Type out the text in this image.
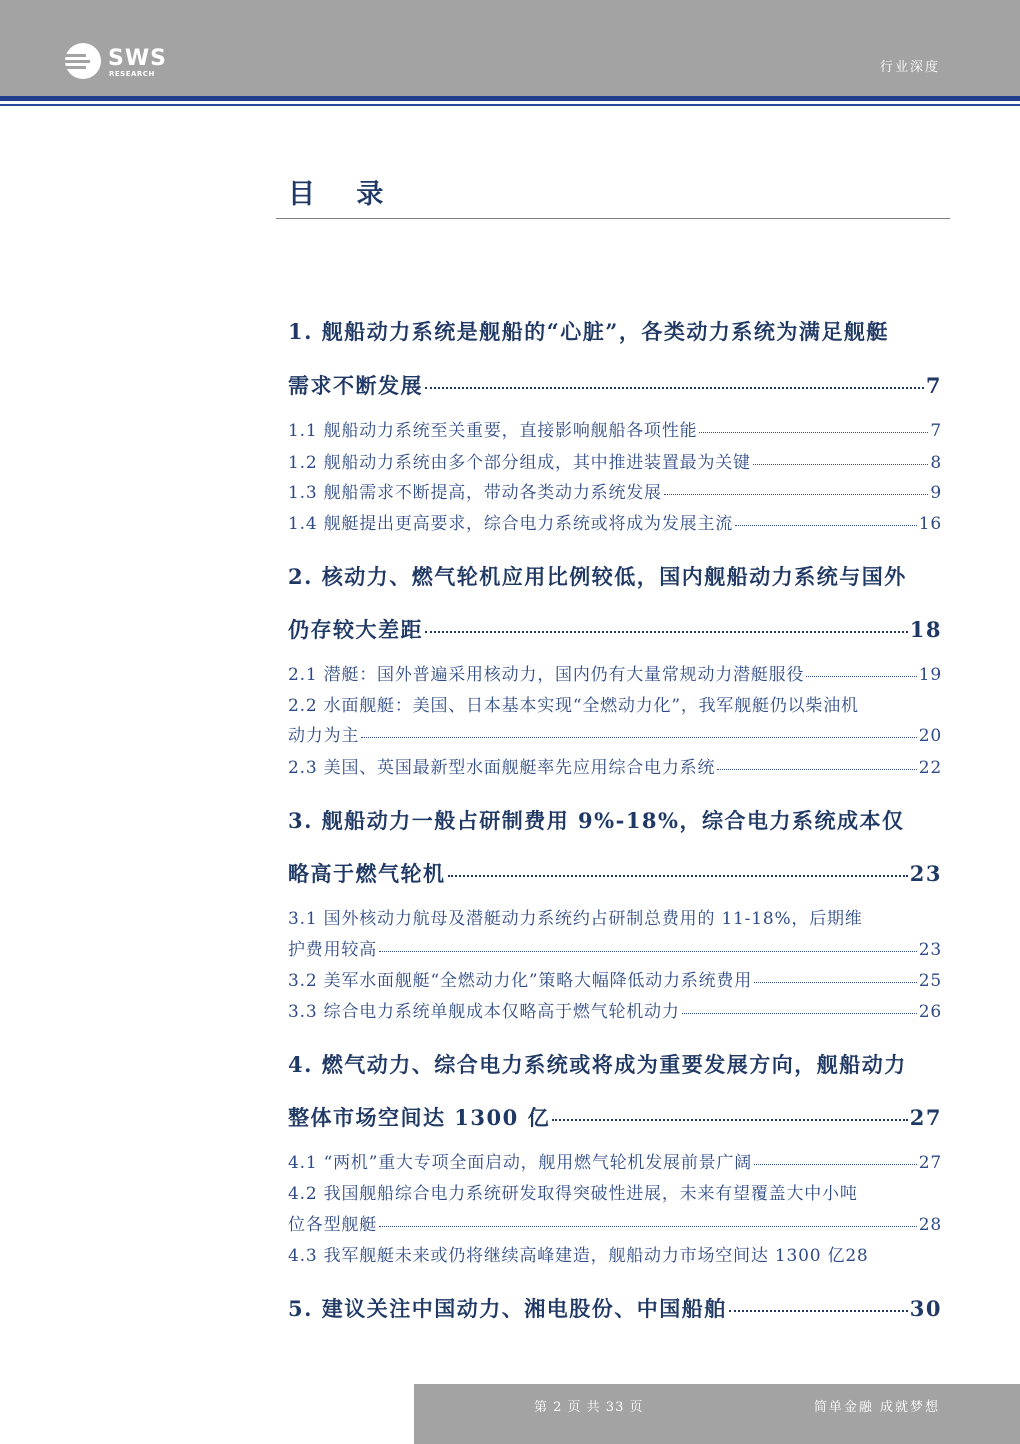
SWS
RESEARCH	行业深度
目 录
1. 舰船动力系统是舰船的“心脏”，各类动力系统为满足舰艇
需求不断发展	7
1.1 舰船动力系统至关重要，直接影响舰船各项性能	7
1.2 舰船动力系统由多个部分组成，其中推进装置最为关键	8
1.3 舰船需求不断提高，带动各类动力系统发展	9
1.4 舰艇提出更高要求，综合电力系统或将成为发展主流	16
2. 核动力、燃气轮机应用比例较低，国内舰船动力系统与国外
仍存较大差距	18
2.1 潜艇：国外普遍采用核动力，国内仍有大量常规动力潜艇服役	19
2.2 水面舰艇：美国、日本基本实现“全燃动力化”，我军舰艇仍以柴油机
动力为主	20
2.3 美国、英国最新型水面舰艇率先应用综合电力系统	22
3. 舰船动力一般占研制费用 9%-18%，综合电力系统成本仅
略高于燃气轮机	23
3.1 国外核动力航母及潜艇动力系统约占研制总费用的 11-18%，后期维
护费用较高	23
3.2 美军水面舰艇“全燃动力化”策略大幅降低动力系统费用	25
3.3 综合电力系统单舰成本仅略高于燃气轮机动力	26
4. 燃气动力、综合电力系统或将成为重要发展方向，舰船动力
整体市场空间达 1300 亿	27
4.1 “两机”重大专项全面启动，舰用燃气轮机发展前景广阔	27
4.2 我国舰船综合电力系统研发取得突破性进展，未来有望覆盖大中小吨
位各型舰艇	28
4.3 我军舰艇未来或仍将继续高峰建造，舰船动力市场空间达 1300 亿 28
5. 建议关注中国动力、湘电股份、中国船舶	30
第 2 页 共 33 页	简单金融 成就梦想
